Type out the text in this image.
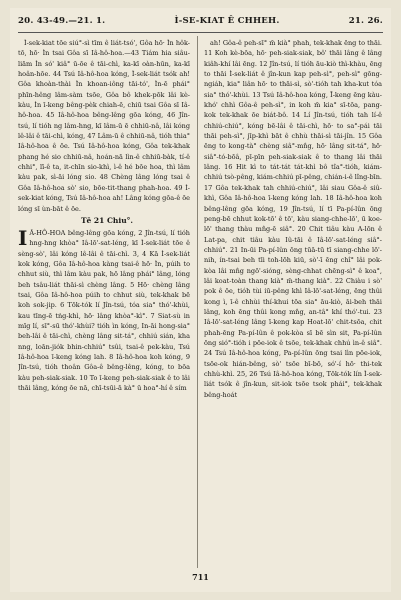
20. 43-49.—21. 1.	Ì-SE-KIAT Ê CHHEH.	21. 26.

Ì-sek-kiat tōe siú°-sì tīm ê liát-tsó', Gôa hō· Ìn hôk-tō, hō· Ìn tsai Gôa sī Iâ-hô-hoa.—43 Tiám hia siâu-liām Ìn só' kiâ° ū-ōe ê tāi-chì, ka-kī oàn-hūn, ka-kī hoân-hōe. 44 Tsú Iâ-hô-hoa kóng, Ì-sek-liát tsók ah! Gôa khoàn-thài Ìn khoan-iông tāi-tó', Ìn-ē phái° phīn-hêng lâm-sàm tsōe, Gôa bô khek-pōk lâi kè-kàu, Ìn ī-keng bêng-pèk chiah-ē, chiū tsai Gôa sī Iâ-hô-hoa. 45 Iâ-hô-hoa bêng-lêng gōa kóng, 46 Jîn-tsú, lí tióh ng lâm-hng, kī lâm-ū ē chhiū-nâ, lâi kóng lê-lâi ê tāi-chì, kóng, 47 Lâm-ū ê chhiū-nâ, tióh thia° Iâ-hô-hoa ê ōe. Tsú Iâ-hô-hoa kóng, Gôa tek-khak phang hé sio chhiū-nâ, hoán-nā lìn-ê chhiū-bàk, tí-ê chhi°, lī-ê ta, it-chīn sio-khì, ì-ê hé bōe hoa, thì lâm kàu pak, sì-āi lóng sio. 48 Chèng lâng lóng tsai ê Gôa Iâ-hô-hoa sò' sio, bōe-tit-thang phah-hoa. 49 Ì-sek-kiat kóng, Tsú Iâ-hô-hoa ah! Lâng kóng gōa-ê ōe lóng sī ùn-bāt ê ōe.

Tē 21 Chiu°.

I Â-HÔ-HOA bêng-lêng gōa kóng, 2 Jîn-tsú, lí tióh hng-hng khòa° Iâ-lō'-sat-léng, kī Ì-sek-liát tōe ê sèng-sò', lâi kóng lê-lâi ê tāi-chì. 3, 4 Kā Ì-sek-liát kok kóng, Gôa Iâ-hô-hoa kàng tsai-ê hō· Ìn, púih to chhut siù, thì lâm kàu pak, hō lâng phái° lâng, lóng beh tsâu-liát thāi-sì chèng lâng. 5 Hō· chèng lâng tsai, Gôa Iâ-hô-hoa púih to chhut siù, tek-khak bē koh sok-jip. 6 Tōk-tók lí Jîn-tsú, tóa sia° thó'-khùi, kau tīng-ē tńg-khì, hō· lâng khòa°-kì°. 7 Siat-sù in mīg lí, sī°-sū thó'-khùi? tióh ìn kóng, In-āi hong-sia° beh-lâi ê tāi-chì, chèng lâng sit-tá°, chhiú sián, kha nng, loān-jiók bhin-chhiú° tsûi, tsai-ê pek-kàu, Tsú Iâ-hô-hoa ī-keng kóng lah. 8 Iâ-hô-hoa koh kóng, 9 Jîn-tsú, tióh thoân Gôa-ê bêng-lêng, kóng, to bōa kàu peh-siak-siak. 10 To ī-keng peh-siak-siak ê to lâi thāi lâng, kóng ōe nā, chī-tsūi-ā kà° ū hoa°-hí ê sím

ah! Gôa-ê peh-sī° m̄ kià° phah, tek-khak ēng to thāi. 11 Koh kè-bōa, hō· peh-siak-siak, bô' thāi lâng ê lâng kiâh-khí lâi ēng. 12 Jîn-tsú, lí tióh āu-kiò thì-khàu, ēng to thāi Ì-sek-liát ê jîn-kun kap peh-sì°, peh-sì° gōng-ngiáh, kia° liân hō· to thāi-sì, sò'-tióh tah kha-kut tóa sia° thó'-khùi. 13 Tsú Iâ-hô-hoa kóng, Ī-keng ēng kàu-khó' chhì Gôa-ê peh-sì°, in koh m̄ kia° sī-tōa, pang-kok tek-khak ōe biát-bô. 14 Lí Jîn-tsú, tióh tah lí-ê chhiú-chiú°, kóng bē-lâi ê tāi-chì, hō· to sa°-pái tāi thāi peh-sì°, jīp-khì bāt ê chhù thāi-sì tāi-jîn. 15 Gôa ēng to kong-tà° chèng siâ°-mn̂g, hō· lâng sit-tá°, hō· siâ°-tó-bōâ, pī-pīn peh-siak-siak ê to thang lâi thāi lâng. 16 Hit kì to tát-tát tát-khì bô tîa°-tióh, kiám-chhiú tsò-pêng, kiám-chhiú pī-pêng, chián-i-ê lîng-bīn. 17 Gôa tek-khak tah chhiú-chiú°, lâi siau Gôa-ê siû-khì, Gôa Iâ-hô-hoa ī-keng kóng lah. 18 Iâ-hô-hoa koh bêng-lêng gōa kóng, 19 Jîn-tsú, lí tī Pa-pí-lûn ōng peng-bē chhut kok-tō' ê tō', kàu siang-chhe-lō', ū koe-lō' thang thàu mn̂g-ē siâ°. 20 Chit tiâu kàu A-lōn ê Lat-pa, chit tiâu kàu Iû-tāi ê Iâ-lō'-sat-léng siâ°-chhiú°. 21 In-ūi Pa-pí-lûn ōng tūā-tū tī siang-chhe lō'-nih, ín-tsai beh tīi toh-lōh kiū, sò'-ī ēng chî° lâi pok-kòa lâi mn̂g ngō'-sióng, sèng-chhat chēng-sì° ê koa°, lâi koat-toàn thang kià° m̄-thang kià°. 22 Chiàu i sò' pok ê ōe, tióh tùi iū-pêng khì Iâ-lō'-sat-léng, ēng thûi kong ì, ī-ê chhùi thí-khui tōa sia° āu-kiò, āi-beh thāi lâng, koh ēng thûi kong mn̂g, an-tâ° khí thó'-tui. 23 Iâ-lō'-sat-léng lâng ī-keng kap Hoat-lō' chit-tsōa, chit phah-ēng Pa-pí-lûn ê pok-kòa sī bē sìn sit, Pa-pí-lûn ōng sió°-tióh i pōe-iok ê tsōe, tek-khak chhú ìn-ê siâ°. 24 Tsú Iâ-hô-hoa kóng, Pa-pí-lûn ōng tsai lìn pōe-iok, tsōe-ok hián-bêng, sò' tsōe bī-bō, só'-í hō· thi-tek chhù-khì. 25, 26 Tsú Iâ-hô-hoa kóng, Tōk-tók lín Ì-sek-liát tsók ê jîn-kun, sit-iok tsōe tsok phái°, tek-khak bêng-hoát

711
